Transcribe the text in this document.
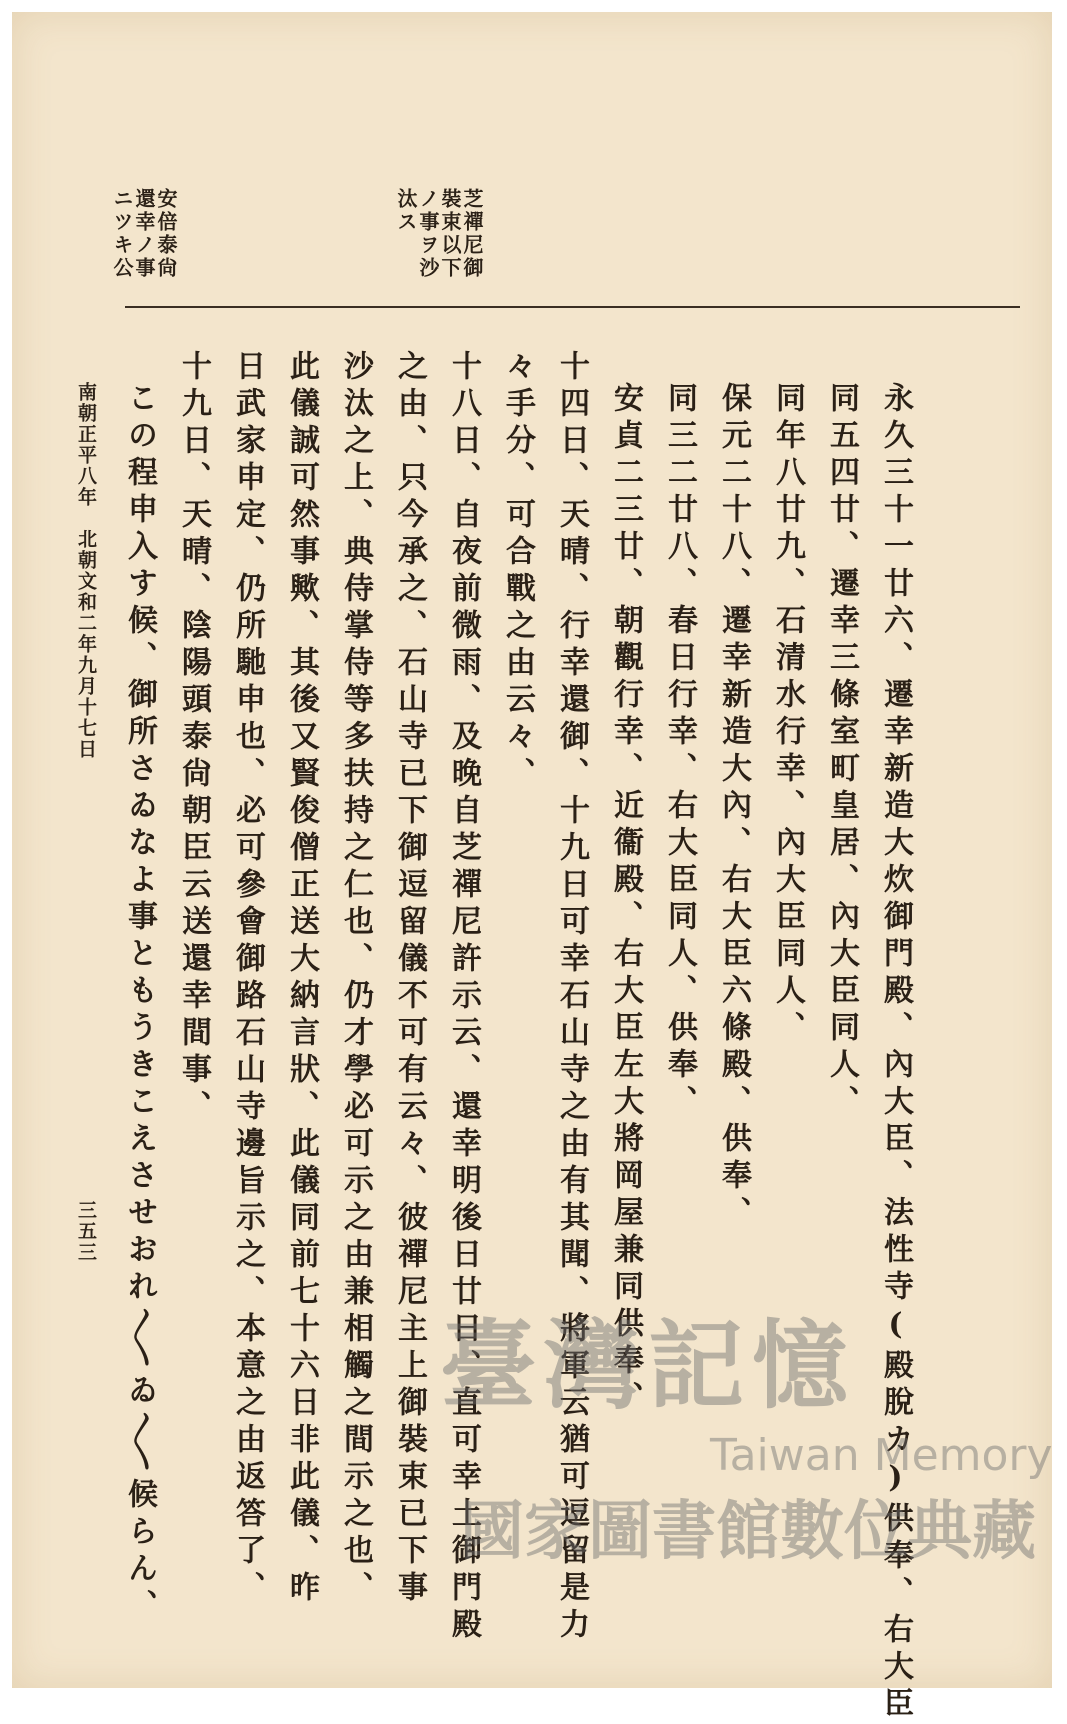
芝禪尼御
裝束以下
ノ事ヲ沙
汰ス
安倍泰尙
還幸ノ事
ニツキ公
永久三十一廿六、遷幸新造大炊御門殿、內大臣、法性寺(殿脫カ)供奉、右大臣
同五四廿、遷幸三條室町皇居、內大臣同人、
同年八廿九、石清水行幸、內大臣同人、
保元二十八、遷幸新造大內、右大臣六條殿、供奉、
同三二廿八、春日行幸、右大臣同人、供奉、
安貞二三廿、朝觀行幸、近衞殿、右大臣左大將岡屋兼同供奉、
十四日、天晴、行幸還御、十九日可幸石山寺之由有其聞、將軍云猶可逗留是力
々手分、可合戰之由云々、
十八日、自夜前微雨、及晚自芝禪尼許示云、還幸明後日廿日、直可幸土御門殿
之由、只今承之、石山寺已下御逗留儀不可有云々、彼禪尼主上御裝束已下事
沙汰之上、典侍掌侍等多扶持之仁也、仍才學必可示之由兼相觸之間示之也、
此儀誠可然事歟、其後又賢俊僧正送大納言狀、此儀同前七十六日非此儀、昨
日武家申定、仍所馳申也、必可參會御路石山寺邊旨示之、本意之由返答了、
十九日、天晴、陰陽頭泰尙朝臣云送還幸間事、
この程申入す候、御所さゐなよ事ともうきこえさせおれ〳〵ゐ〳〵候らん、
南朝正平八年　北朝文和二年九月十七日
三五三
臺灣記憶
Taiwan Memory
國家圖書館數位典藏
